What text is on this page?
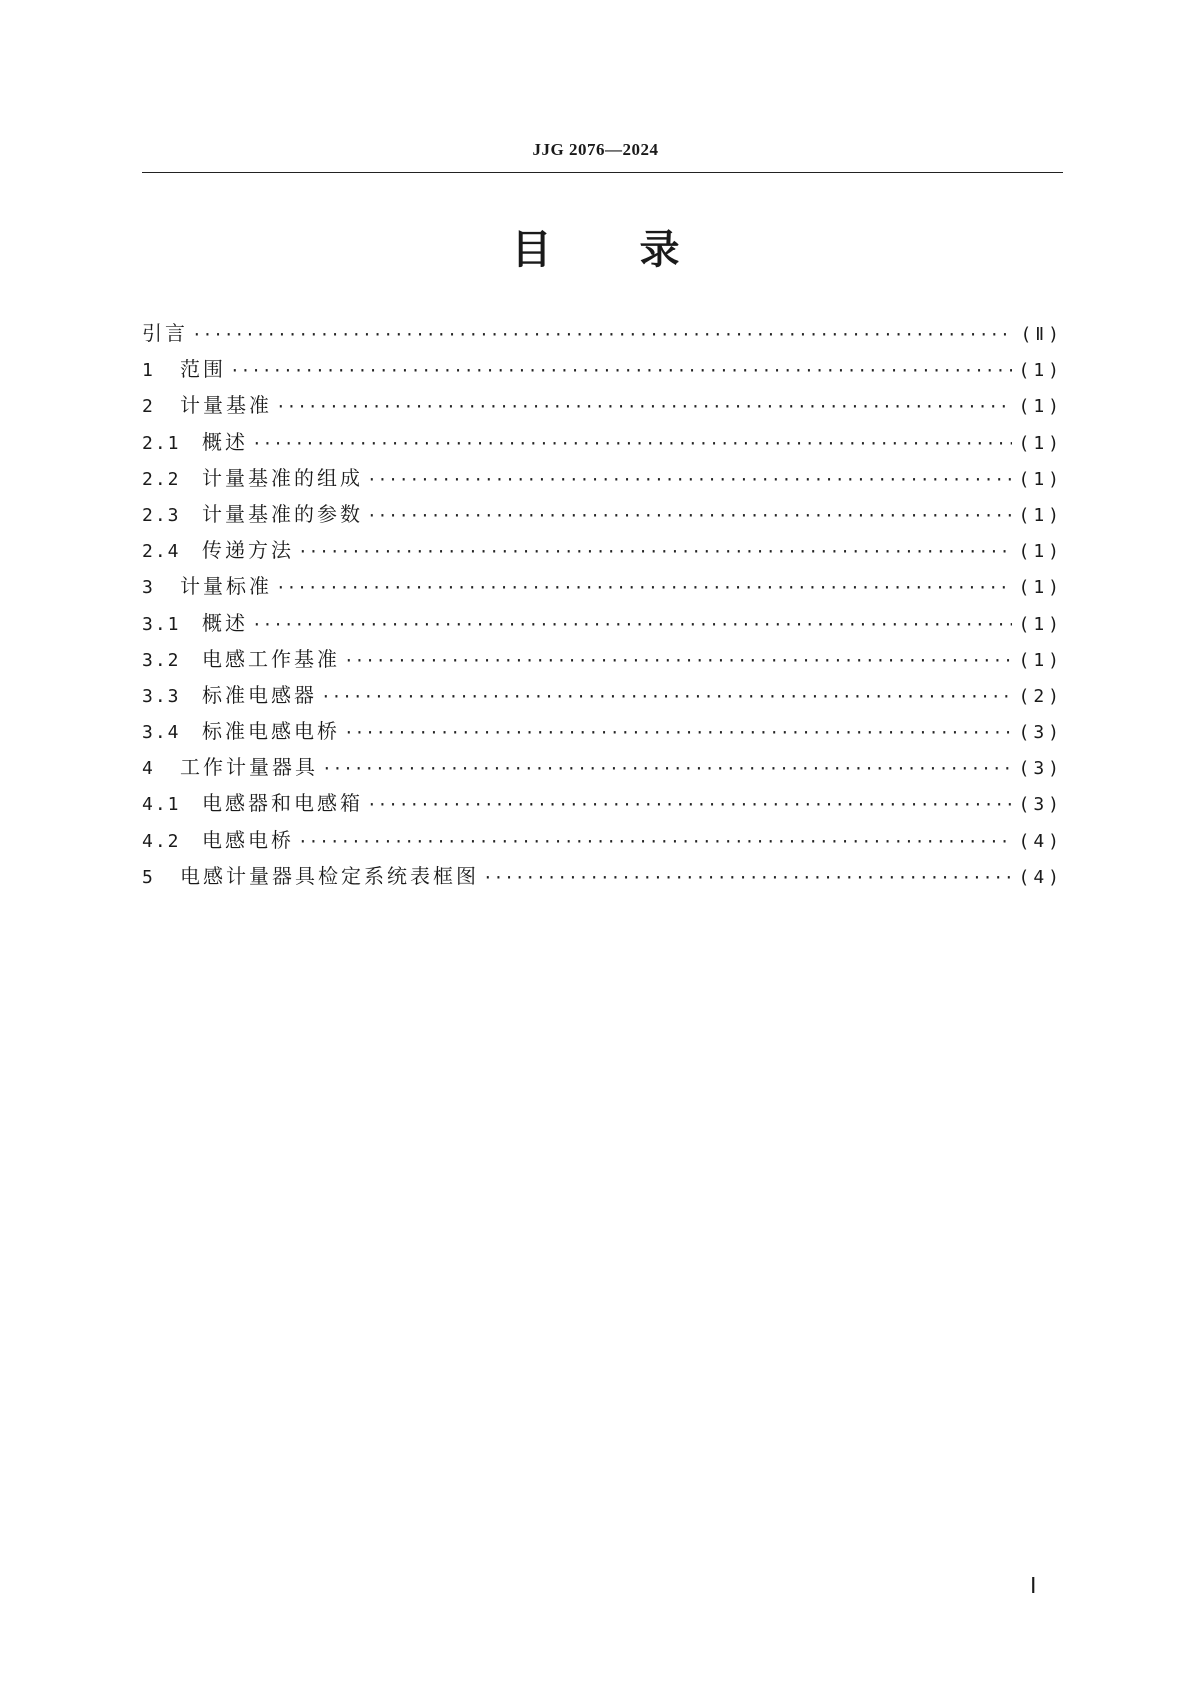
JJG 2076—2024
目 录
引言 ·····	(Ⅱ)
1	范围 ·····	(1)
2	计量基准 ·····	(1)
2.1	概述 ·····	(1)
2.2	计量基准的组成 ·····	(1)
2.3	计量基准的参数 ·····	(1)
2.4	传递方法 ·····	(1)
3	计量标准 ·····	(1)
3.1	概述 ·····	(1)
3.2	电感工作基准 ·····	(1)
3.3	标准电感器 ·····	(2)
3.4	标准电感电桥 ·····	(3)
4	工作计量器具 ·····	(3)
4.1	电感器和电感箱 ·····	(3)
4.2	电感电桥 ·····	(4)
5	电感计量器具检定系统表框图 ·····	(4)
Ⅰ
